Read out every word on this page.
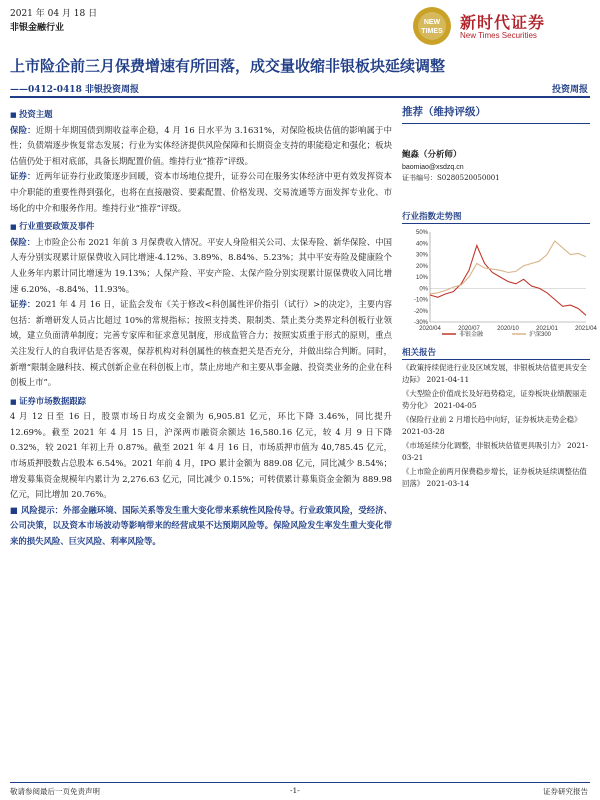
2021 年 04 月 18 日
非银金融行业
NEW
TIMES 新时代证券
New Times Securities
上市险企前三月保费增速有所回落，成交量收缩非银板块延续调整
——0412-0418 非银投资周报	投资周报
■ 投资主题
保险：近期十年期国债到期收益率企稳，4 月 16 日水平为 3.1631%，对保险板块估值的影响属于中性；负债端逐步恢复常态发展；行业为实体经济提供风险保障和长期资金支持的职能稳定和强化；板块估值仍处于相对底部，具备长期配置价值。维持行业“推荐”评级。
证券：近两年证券行业政策逐步回暖，资本市场地位提升，证券公司在服务实体经济中更有效发挥资本中介职能的重要性得到强化，也将在直接融资、要素配置、价格发现、交易流通等方面发挥专业化、市场化的中介和服务作用。维持行业“推荐”评级。
■ 行业重要政策及事件
保险：上市险企公布 2021 年前 3 月保费收入情况。平安人身险相关公司、太保寿险、新华保险、中国人寿分别实现累计原保费收入同比增速-4.12%、3.89%、8.84%、5.23%；其中平安寿险及健康险个人业务年内累计同比增速为 19.13%；人保产险、平安产险、太保产险分别实现累计原保费收入同比增速 6.20%、-8.84%、11.93%。
证券：2021 年 4 月 16 日，证监会发布《关于修改<科创属性评价指引（试行）>的决定》，主要内容包括：新增研发人员占比超过 10%的常规指标；按照支持类、限制类、禁止类分类界定科创板行业领域，建立负面清单制度；完善专家库和征求意见制度，形成监管合力；按照实质重于形式的原则，重点关注发行人的自我评估是否客观，保荐机构对科创属性的核查把关是否充分，并做出综合判断。同时，新增“限制金融科技、模式创新企业在科创板上市，禁止房地产和主要从事金融、投资类业务的企业在科创板上市”。
■ 证券市场数据跟踪
4 月 12 日至 16 日，股票市场日均成交金额为 6,905.81 亿元，环比下降 3.46%，同比提升 12.69%。截至 2021 年 4 月 15 日，沪深两市融资余额达 16,580.16 亿元，较 4 月 9 日下降 0.32%，较 2021 年初上升 0.87%。截至 2021 年 4 月 16 日，市场质押市值为 40,785.45 亿元，市场质押股数占总股本 6.54%。2021 年前 4 月，IPO 累计金额为 889.08 亿元，同比减少 8.54%；增发募集资金规模年内累计为 2,276.63 亿元，同比减少 0.15%；可转债累计募集资金金额为 889.98 亿元，同比增加 20.76%。
■ 风险提示：外部金融环境、国际关系等发生重大变化带来系统性风险传导。行业政策风险，受经济、公司决策，以及资本市场波动等影响带来的经营成果不达预期风险等。保险风险发生率发生重大变化带来的损失风险、巨灾风险、利率风险等。
推荐（维持评级）
鲍淼（分析师）
baomiao@xsdzq.cn
证书编号：S0280520050001
行业指数走势图
50%
40%
30%
20%
10%
0%
-10%
-20%
-30%
2020/04	2020/07	2020/10	2021/01	2021/04
非银金融	沪深300
相关报告
《政策持续促进行业及区域发展，非银板块估值更具安全边际》 2021-04-11
《大型险企价值成长及好趋势稳定，证券板块业绩靓丽走势分化》 2021-04-05
《保险行业前 2 月增长趋中向好，证券板块走势企稳》 2021-03-28
《市场延续分化调整，非银板块估值更具吸引力》 2021-03-21
《上市险企前两月保费稳步增长，证券板块延续调整估值回落》 2021-03-14
敬请参阅最后一页免责声明	-1-	证券研究报告
